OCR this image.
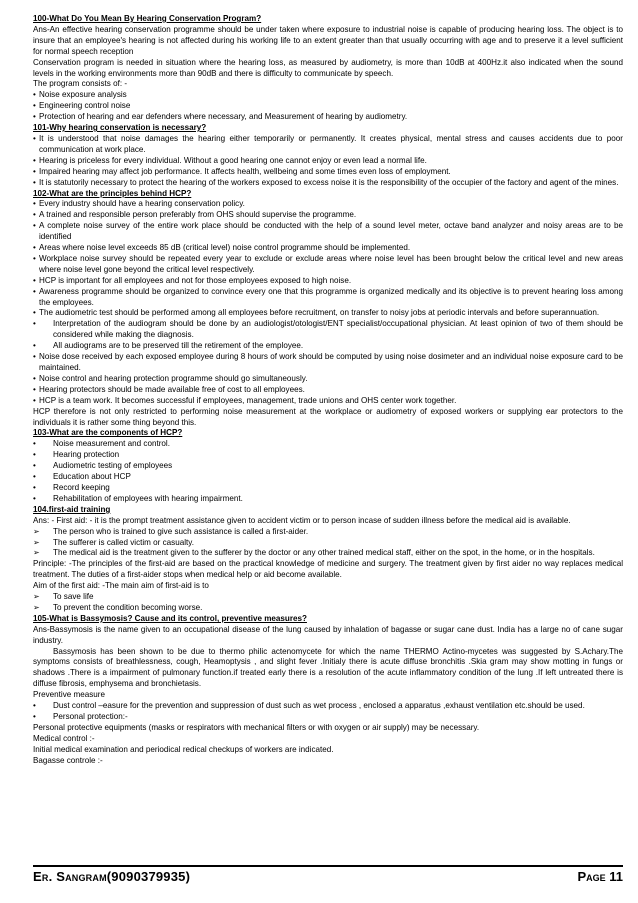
100-What Do You Mean By Hearing Conservation Program?

Ans-An effective hearing conservation programme should be under taken where exposure to industrial noise is capable of producing hearing loss. The object is to insure that an employee's hearing is not affected during his working life to an extent greater than that usually occurring with age and to preserve it a level sufficient for normal speech reception

Conservation program is needed in situation where the hearing loss, as measured by audiometry, is more than 10dB at 400Hz.it also indicated when the sound levels in the working environments more than 90dB and there is difficulty to communicate by speech.

The program consists of: -

• Noise exposure analysis
• Engineering control noise
• Protection of hearing and ear defenders where necessary, and Measurement of hearing by audiometry.

101-Why hearing conservation is necessary?

• It is understood that noise damages the hearing either temporarily or permanently. It creates physical, mental stress and causes accidents due to poor communication at work place.
• Hearing is priceless for every individual. Without a good hearing one cannot enjoy or even lead a normal life.
• Impaired hearing may affect job performance. It affects health, wellbeing and some times even loss of employment.
• It is statutorily necessary to protect the hearing of the workers exposed to excess noise it is the responsibility of the occupier of the factory and agent of the mines.

102-What are the principles behind HCP?

• Every industry should have a hearing conservation policy.
• A trained and responsible person preferably from OHS should supervise the programme.
• A complete noise survey of the entire work place should be conducted with the help of a sound level meter, octave band analyzer and noisy areas are to be identified
• Areas where noise level exceeds 85 dB (critical level) noise control programme should be implemented.
• Workplace noise survey should be repeated every year to exclude or exclude areas where noise level has been brought below the critical level and new areas where noise level gone beyond the critical level respectively.
• HCP is important for all employees and not for those employees exposed to high noise.
• Awareness programme should be organized to convince every one that this programme is organized medically and its objective is to prevent hearing loss among the employees.
• The audiometric test should be performed among all employees before recruitment, on transfer to noisy jobs at periodic intervals and before superannuation.
•	Interpretation of the audiogram should be done by an audiologist/otologist/ENT specialist/occupational physician. At least opinion of two of them should be considered while making the diagnosis.
•	All audiograms are to be preserved till the retirement of the employee.
• Noise dose received by each exposed employee during 8 hours of work should be computed by using noise dosimeter and an individual noise exposure card to be maintained.
• Noise control and hearing protection programme should go simultaneously.
• Hearing protectors should be made available free of cost to all employees.
• HCP is a team work. It becomes successful if employees, management, trade unions and OHS center work together.

HCP therefore is not only restricted to performing noise measurement at the workplace or audiometry of exposed workers or supplying ear protectors to the individuals it is rather some thing beyond this.

103-What are the components of HCP?

•	Noise measurement and control.
•	Hearing protection
•	Audiometric testing of employees
•	Education about HCP
•	Record keeping
•	Rehabilitation of employees with hearing impairment.

104.first-aid training

Ans: - First aid: - it is the prompt treatment assistance given to accident victim or to person incase of sudden illness before the medical aid is available.

➢	The person who is trained to give such assistance is called a first-aider.
➢	The sufferer is called victim or casualty.
➢	The medical aid is the treatment given to the sufferer by the doctor or any other trained medical staff, either on the spot, in the home, or in the hospitals.

Principle: -The principles of the first-aid are based on the practical knowledge of medicine and surgery. The treatment given by first aider no way replaces medical treatment. The duties of a first-aider stops when medical help or aid become available.

Aim of the first aid: -The main aim of first-aid is to

➢	To save life
➢	To prevent the condition becoming worse.

105-What is Bassymosis? Cause and its control, preventive measures?

Ans-Bassymosis is the name given to an occupational disease of the lung caused by inhalation of bagasse or sugar cane dust. India has a large no of cane sugar industry.

Bassymosis has been shown to be due to thermo philic actenomycete for which the name THERMO Actino-mycetes was suggested by S.Achary.The symptoms consists of breathlessness, cough, Heamoptysis , and slight fever .Initialy there is acute diffuse bronchitis .Skia gram may show motting in fungs or shadows .There is a impairment of pulmonary function.if treated early there is a resolution of the acute inflammatory condition of the lung .If left untreated there is diffuse fibrosis, emphysema and bronchietasis.

Preventive measure

•	Dust control –easure for the prevention and suppression of dust such as wet process , enclosed a apparatus ,exhaust ventilation etc.should be used.
•	Personal protection:-

Personal protective equipments (masks or respirators with mechanical filters or with oxygen or air supply) may be necessary.

Medical control :-

Initial medical examination and periodical redical checkups of workers are indicated.

Bagasse controle :-

Er. Sangram(9090379935)	Page 11
